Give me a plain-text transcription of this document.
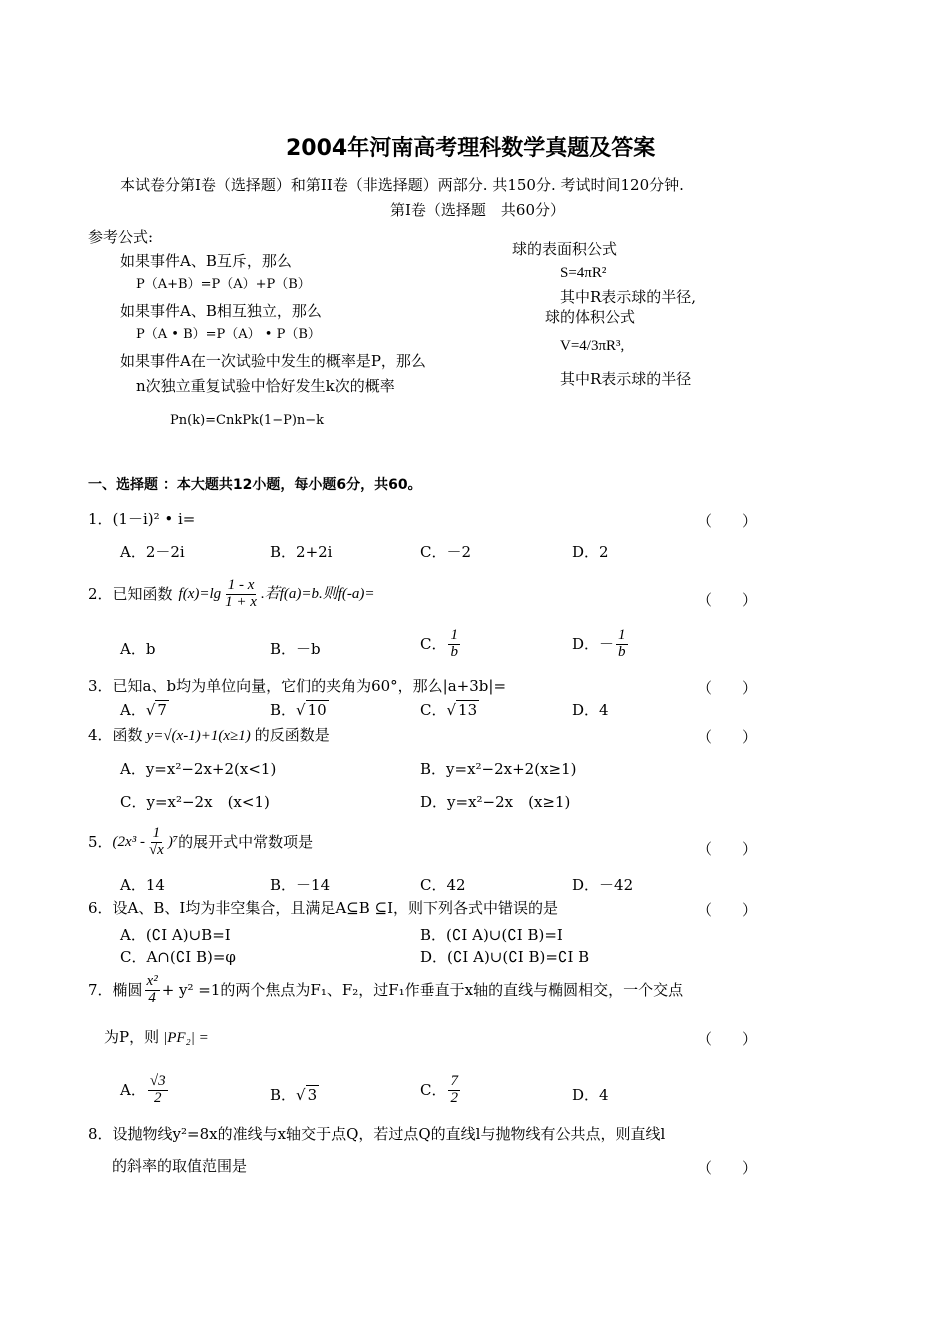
2004年河南高考理科数学真题及答案
本试卷分第Ⅰ卷（选择题）和第II卷（非选择题）两部分. 共150分. 考试时间120分钟.
第Ⅰ卷（选择题　共60分）
参考公式:
如果事件A、B互斥，那么
P（A+B）=P（A）+P（B）
如果事件A、B相互独立，那么
P（A • B）=P（A） • P（B）
如果事件A在一次试验中发生的概率是P，那么
n次独立重复试验中恰好发生k次的概率
Pn(k)=CnkPk(1−P)n−k
球的表面积公式
S=4πR²
其中R表示球的半径,
球的体积公式
V=4/3πR³,
其中R表示球的半径
一、选择题 ：本大题共12小题，每小题6分，共60。
1．(1－i)² • i=	（　　）
A．2－2i	B．2+2i	C．－2	D．2
2．已知函数 $f(x)=\lg \frac{1 - x}{1 + x}$ .若f(a)=b.则f(-a)=	（　　）
A．b	B．－b	C． $\frac{1}{b}$	D．－ $\frac{1}{b}$
3．已知a、b均为单位向量，它们的夹角为60°，那么|a+3b|=	（　　）
A．√ 7	B．√ 10	C．√ 13	D．4
4．函数 y=√(x-1)+1(x≥1) 的反函数是	（　　）
A．y=x²−2x+2(x<1)	B．y=x²−2x+2(x≥1)
C．y=x²−2x　(x<1)	D．y=x²−2x　(x≥1)
5． $(2x^3 - \frac{1}{√x} )^7$ 的展开式中常数项是	（　　）
A．14	B．－14	C．42	D．－42
6．设A、B、I均为非空集合，且满足A⊆B ⊆I，则下列各式中错误的是	（　　）
A．(∁I A)∪B=I	B．(∁I A)∪(∁I B)=I
C．A∩(∁I B)=φ	D．(∁I A)∪(∁I B)=∁I B
7．椭圆 $\frac{\text{x²}}{4} + y^2 =1$的两个焦点为F₁、F₂，过F₁作垂直于x轴的直线与椭圆相交，一个交点
为P，则 |PF₂| =	（　　）
A． $\frac{√3}{2}$	B．√ 3	C． $\frac{7}{2}$	D．4
8．设抛物线y²=8x的准线与x轴交于点Q，若过点Q的直线l与抛物线有公共点，则直线l
的斜率的取值范围是	（　　）
